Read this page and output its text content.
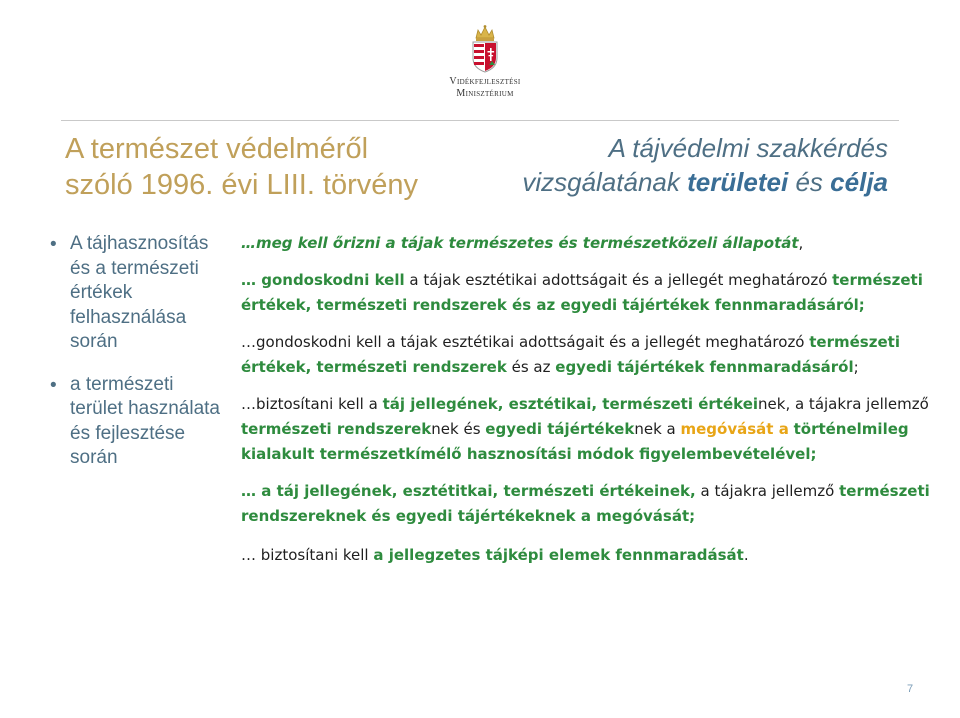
Vidékfejlesztési
Minisztérium
A természet védelméről
szóló 1996. évi LIII. törvény
A tájvédelmi szakkérdés
vizsgálatának területei és célja
• A tájhasznosítás és a természeti értékek felhasználása során
• a természeti terület használata és fejlesztése során

…meg kell őrizni a tájak természetes és természetközeli állapotát,

… gondoskodni kell a tájak esztétikai adottságait és a jellegét meghatározó természeti értékek, természeti rendszerek és az egyedi tájértékek fennmaradásáról;

…gondoskodni kell a tájak esztétikai adottságait és a jellegét meghatározó természeti értékek, természeti rendszerek és az egyedi tájértékek fennmaradásáról;

…biztosítani kell a táj jellegének, esztétikai, természeti értékeinek, a tájakra jellemző természeti rendszereknek és egyedi tájértékeknek a megóvását a történelmileg kialakult természetkímélő hasznosítási módok figyelembevételével;

… a táj jellegének, esztétitkai, természeti értékeinek, a tájakra jellemző természeti rendszereknek és egyedi tájértékeknek a megóvását;

… biztosítani kell a jellegzetes tájképi elemek fennmaradását.

7
